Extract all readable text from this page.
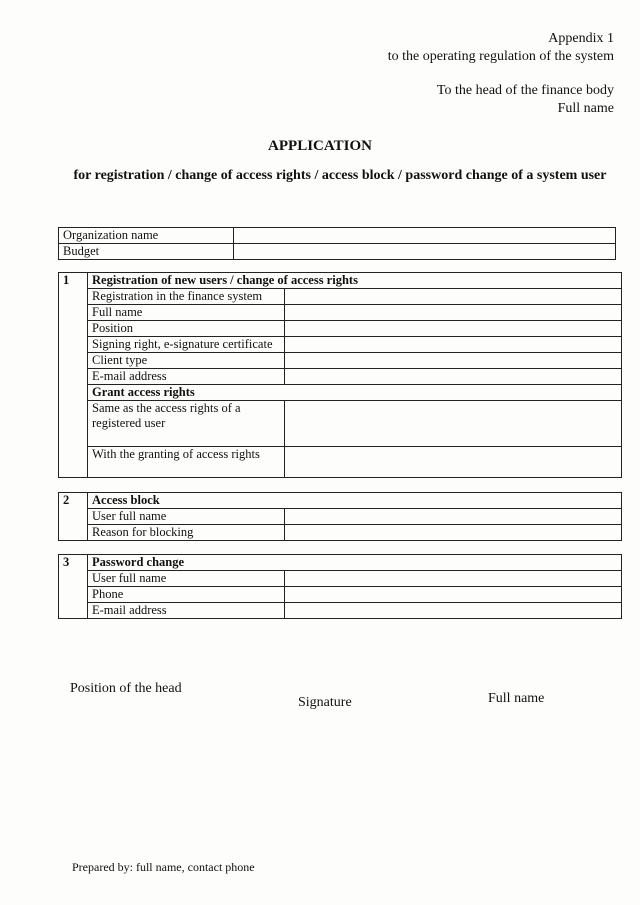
Appendix 1
to the operating regulation of the system
To the head of the finance body
Full name
APPLICATION
for registration / change of access rights / access block / password change of a system user
Organization name	
Budget	
1	Registration of new users / change of access rights	
	Registration in the finance system	
	Full name	
	Position	
	Signing right, e-signature certificate	
	Client type	
	E-mail address	
	Grant access rights	
	Same as the access rights of a registered user	
	With the granting of access rights	
2	Access block	
	User full name	
	Reason for blocking	
3	Password change	
	User full name	
	Phone	
	E-mail address	
Position of the head
Signature	Full name
Prepared by: full name, contact phone
